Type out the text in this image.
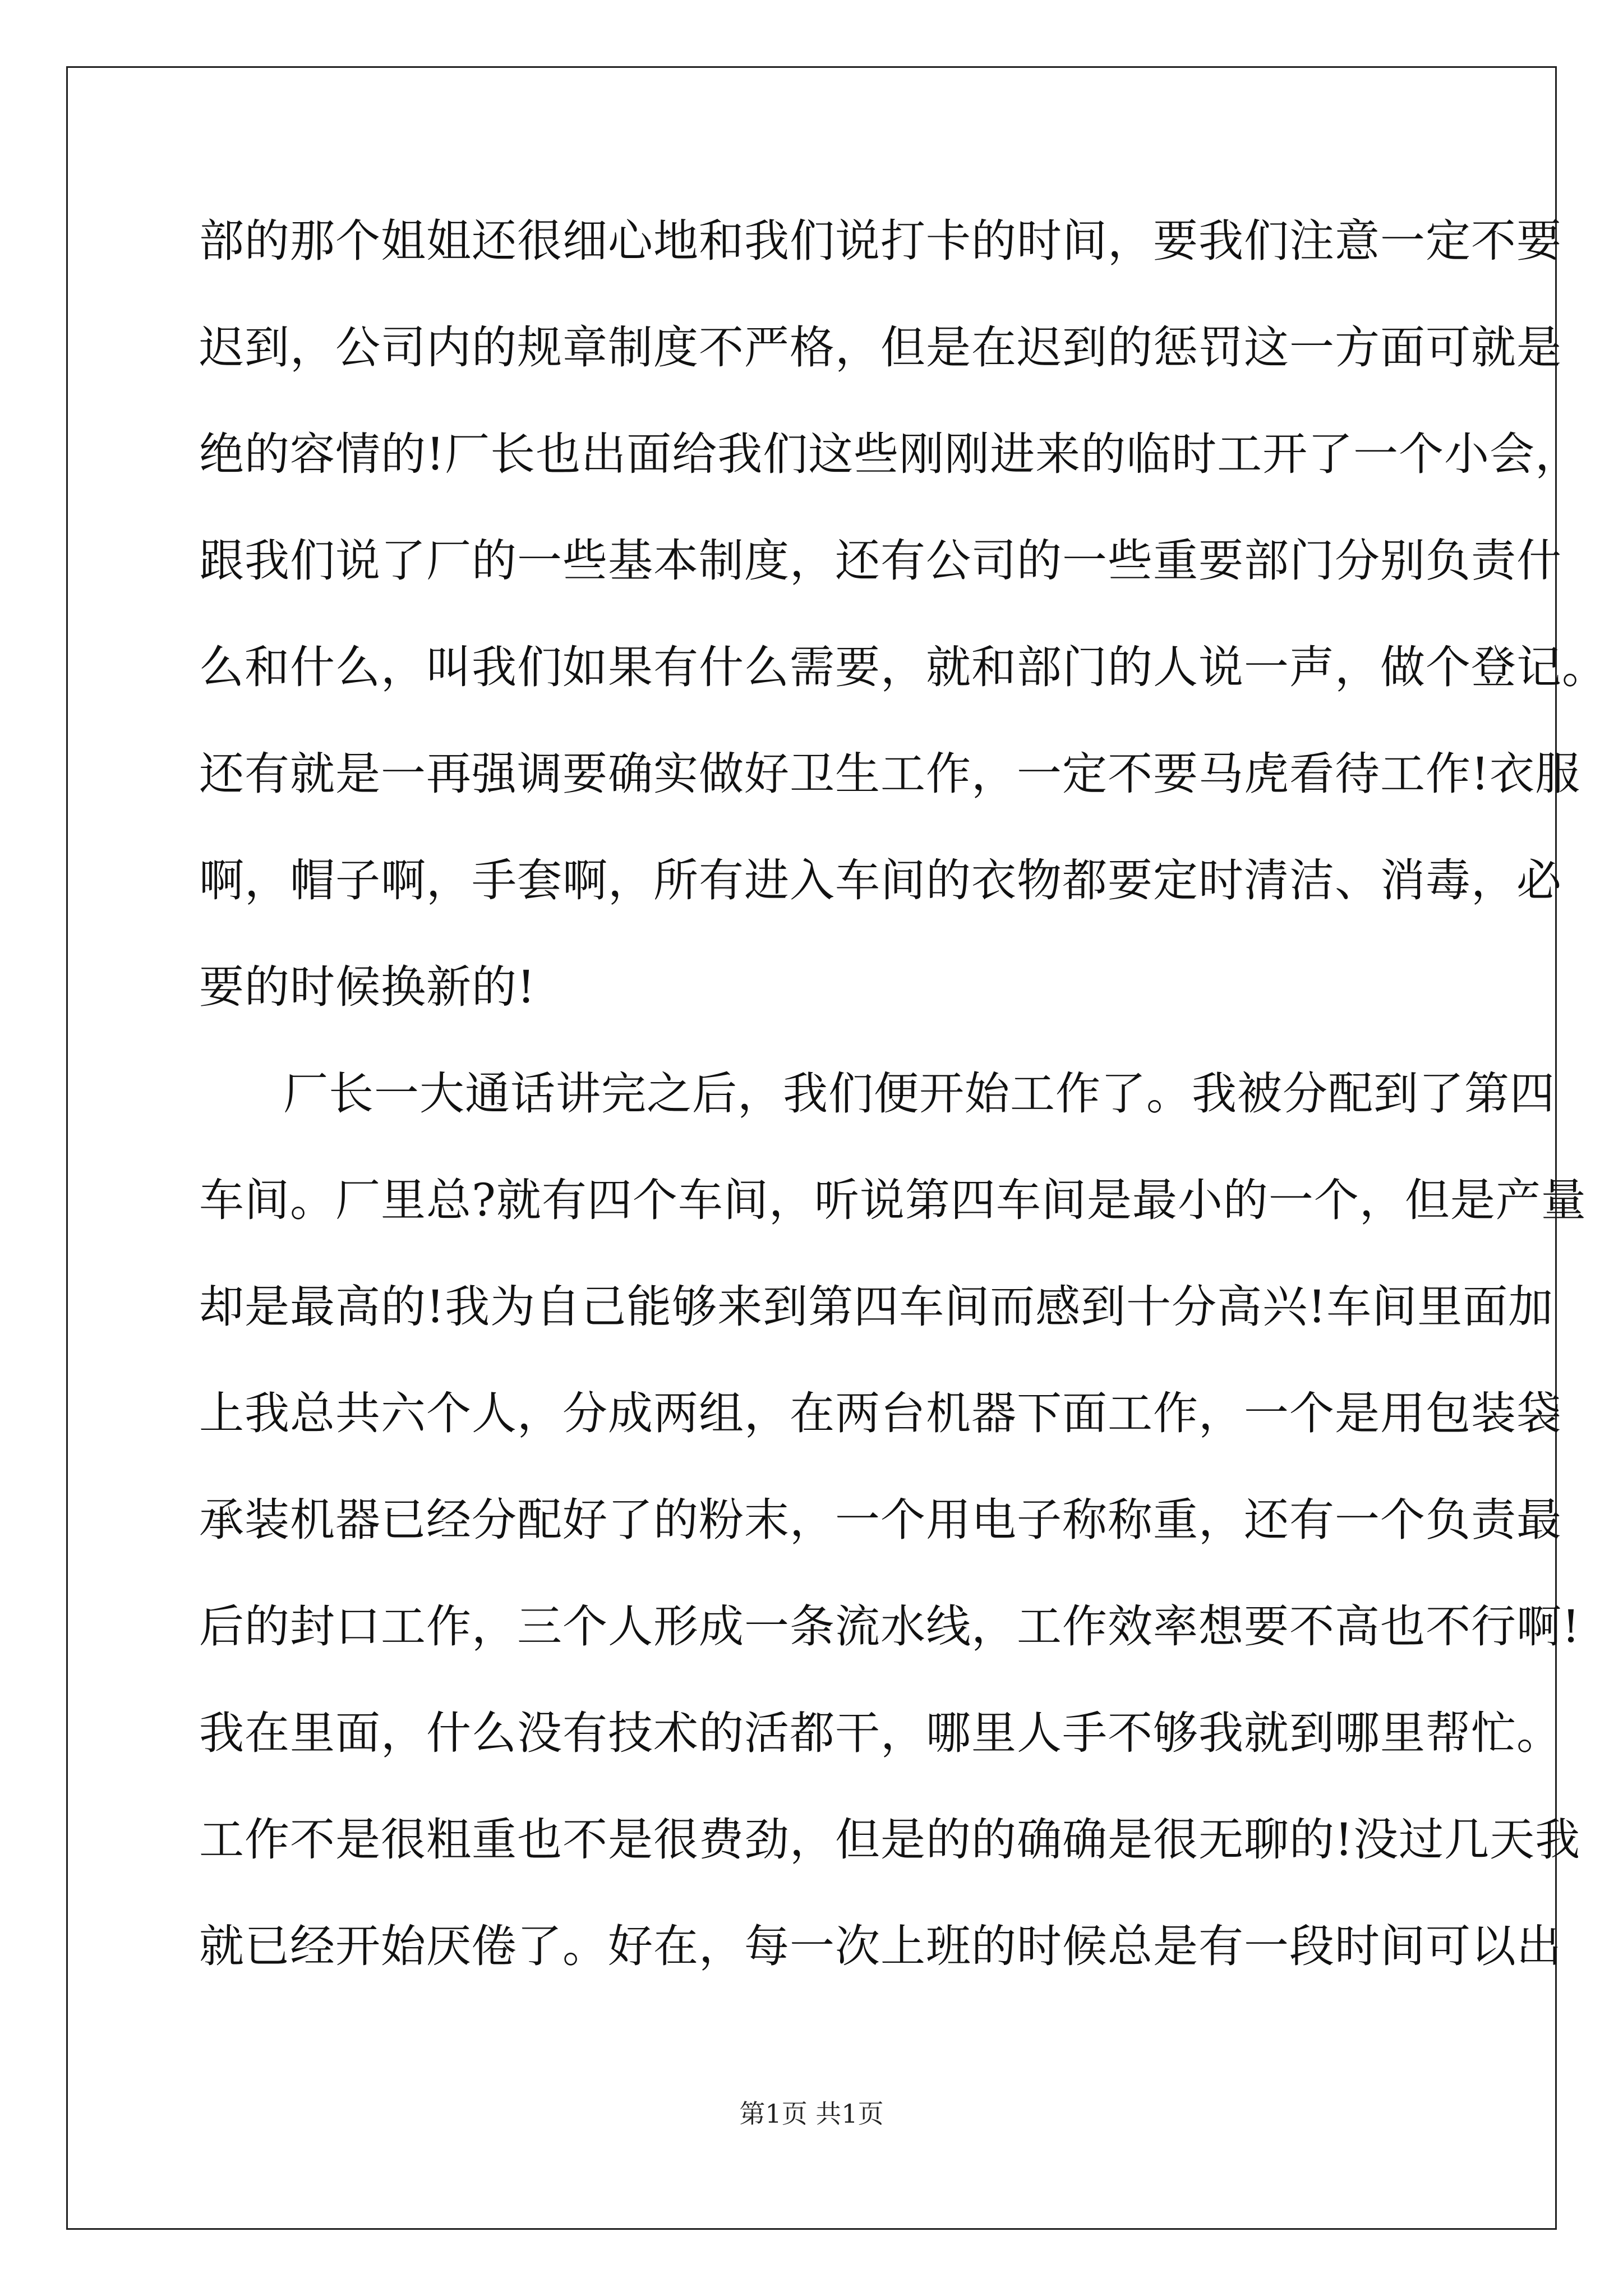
部的那个姐姐还很细心地和我们说打卡的时间，要我们注意一定不要
迟到，公司内的规章制度不严格，但是在迟到的惩罚这一方面可就是
绝的容情的!厂长也出面给我们这些刚刚进来的临时工开了一个小会，
跟我们说了厂的一些基本制度，还有公司的一些重要部门分别负责什
么和什么，叫我们如果有什么需要，就和部门的人说一声，做个登记。
还有就是一再强调要确实做好卫生工作，一定不要马虎看待工作!衣服
啊，帽子啊，手套啊，所有进入车间的衣物都要定时清洁、消毒，必
要的时候换新的!
厂长一大通话讲完之后，我们便开始工作了。我被分配到了第四
车间。厂里总?就有四个车间，听说第四车间是最小的一个，但是产量
却是最高的!我为自己能够来到第四车间而感到十分高兴!车间里面加
上我总共六个人，分成两组，在两台机器下面工作，一个是用包装袋
承装机器已经分配好了的粉末，一个用电子称称重，还有一个负责最
后的封口工作，三个人形成一条流水线，工作效率想要不高也不行啊!
我在里面，什么没有技术的活都干，哪里人手不够我就到哪里帮忙。
工作不是很粗重也不是很费劲，但是的的确确是很无聊的!没过几天我
就已经开始厌倦了。好在，每一次上班的时候总是有一段时间可以出
第1页 共1页
